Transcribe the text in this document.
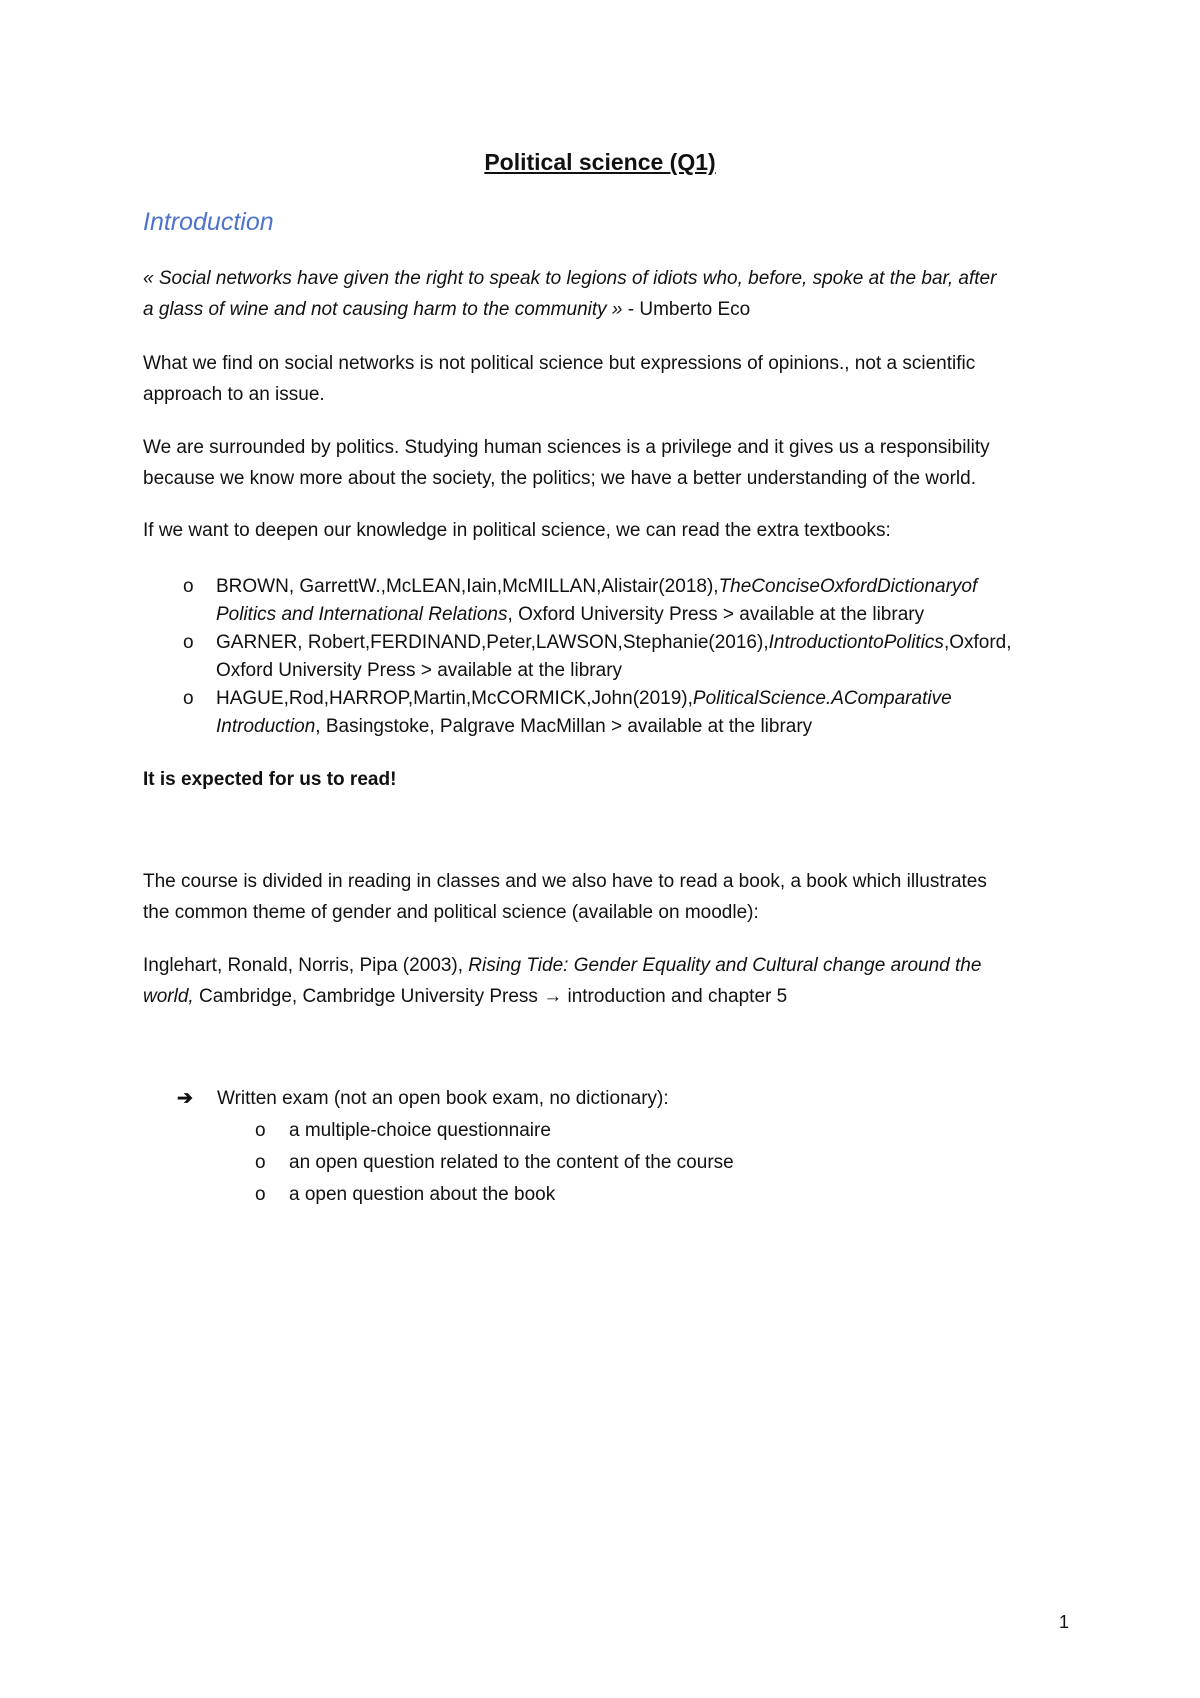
Political science (Q1)
Introduction

« Social networks have given the right to speak to legions of idiots who, before, spoke at the bar, after
a glass of wine and not causing harm to the community » - Umberto Eco

What we find on social networks is not political science but expressions of opinions., not a scientific
approach to an issue.

We are surrounded by politics. Studying human sciences is a privilege and it gives us a responsibility
because we know more about the society, the politics; we have a better understanding of the world.

If we want to deepen our knowledge in political science, we can read the extra textbooks:

o BROWN, GarrettW.,McLEAN,Iain,McMILLAN,Alistair(2018),TheConciseOxfordDictionaryof
Politics and International Relations, Oxford University Press > available at the library
o GARNER, Robert,FERDINAND,Peter,LAWSON,Stephanie(2016),IntroductiontoPolitics,Oxford,
Oxford University Press > available at the library
o HAGUE,Rod,HARROP,Martin,McCORMICK,John(2019),PoliticalScience.AComparative
Introduction, Basingstoke, Palgrave MacMillan > available at the library

It is expected for us to read!

The course is divided in reading in classes and we also have to read a book, a book which illustrates
the common theme of gender and political science (available on moodle):

Inglehart, Ronald, Norris, Pipa (2003), Rising Tide: Gender Equality and Cultural change around the
world, Cambridge, Cambridge University Press → introduction and chapter 5

➔ Written exam (not an open book exam, no dictionary):
o a multiple-choice questionnaire
o an open question related to the content of the course
o a open question about the book
1
